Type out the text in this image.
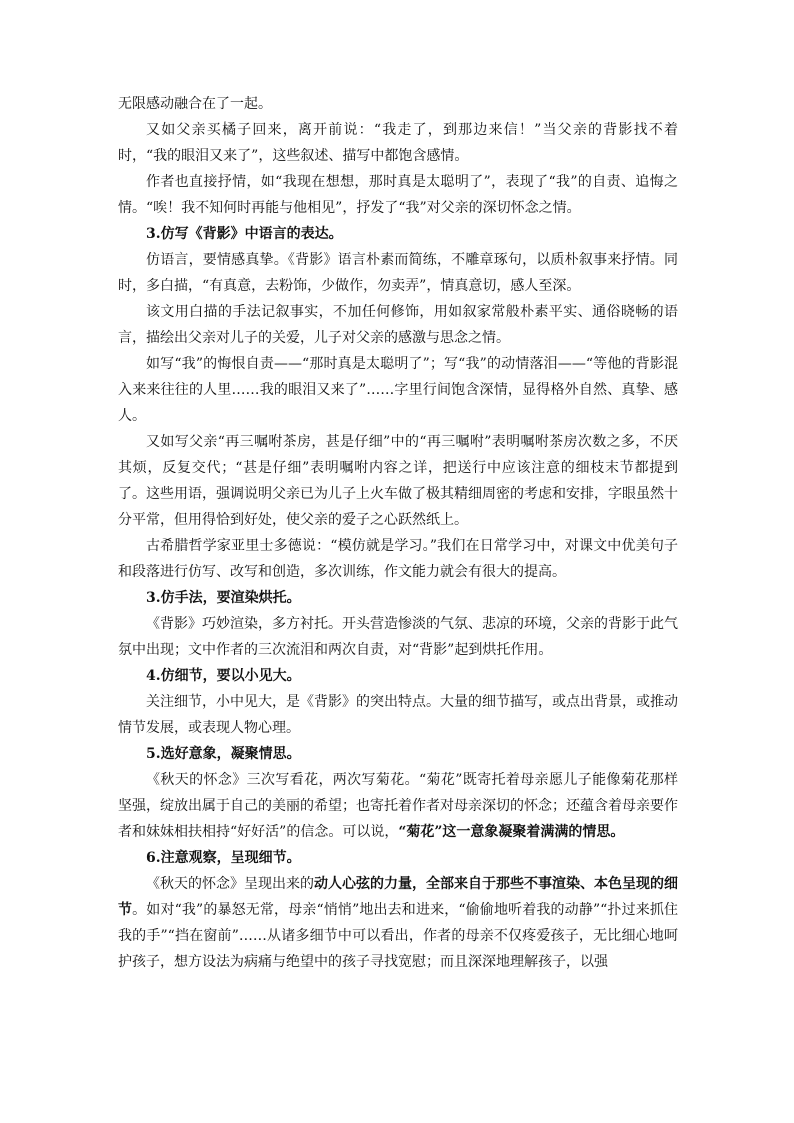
无限感动融合在了一起。

又如父亲买橘子回来，离开前说：“我走了，到那边来信！”当父亲的背影找不着时，“我的眼泪又来了”，这些叙述、描写中都饱含感情。

作者也直接抒情，如“我现在想想，那时真是太聪明了”，表现了“我”的自责、追悔之情。“唉！我不知何时再能与他相见”，抒发了“我”对父亲的深切怀念之情。

3.仿写《背影》中语言的表达。

仿语言，要情感真挚。《背影》语言朴素而简练，不雕章琢句，以质朴叙事来抒情。同时，多白描，“有真意，去粉饰，少做作，勿卖弄”，情真意切，感人至深。

该文用白描的手法记叙事实，不加任何修饰，用如叙家常般朴素平实、通俗晓畅的语言，描绘出父亲对儿子的关爱，儿子对父亲的感激与思念之情。

如写“我”的悔恨自责——“那时真是太聪明了”；写“我”的动情落泪——“等他的背影混入来来往往的人里……我的眼泪又来了”……字里行间饱含深情，显得格外自然、真挚、感人。

又如写父亲“再三嘱咐茶房，甚是仔细”中的“再三嘱咐”表明嘱咐茶房次数之多，不厌其烦，反复交代；“甚是仔细”表明嘱咐内容之详，把送行中应该注意的细枝末节都提到了。这些用语，强调说明父亲已为儿子上火车做了极其精细周密的考虑和安排，字眼虽然十分平常，但用得恰到好处，使父亲的爱子之心跃然纸上。

古希腊哲学家亚里士多德说：“模仿就是学习。”我们在日常学习中，对课文中优美句子和段落进行仿写、改写和创造，多次训练，作文能力就会有很大的提高。

3.仿手法，要渲染烘托。

《背影》巧妙渲染，多方衬托。开头营造惨淡的气氛、悲凉的环境，父亲的背影于此气氛中出现；文中作者的三次流泪和两次自责，对“背影”起到烘托作用。

4.仿细节，要以小见大。

关注细节，小中见大，是《背影》的突出特点。大量的细节描写，或点出背景，或推动情节发展，或表现人物心理。

5.选好意象，凝聚情思。

《秋天的怀念》三次写看花，两次写菊花。“菊花”既寄托着母亲愿儿子能像菊花那样坚强，绽放出属于自己的美丽的希望；也寄托着作者对母亲深切的怀念；还蕴含着母亲要作者和妹妹相扶相持“好好活”的信念。可以说，“菊花”这一意象凝聚着满满的情思。

6.注意观察，呈现细节。

《秋天的怀念》呈现出来的动人心弦的力量，全部来自于那些不事渲染、本色呈现的细节。如对“我”的暴怒无常，母亲“悄悄”地出去和进来，“偷偷地听着我的动静”“扑过来抓住我的手”“挡在窗前”……从诸多细节中可以看出，作者的母亲不仅疼爱孩子，无比细心地呵护孩子，想方设法为病痛与绝望中的孩子寻找宽慰；而且深深地理解孩子，以强
